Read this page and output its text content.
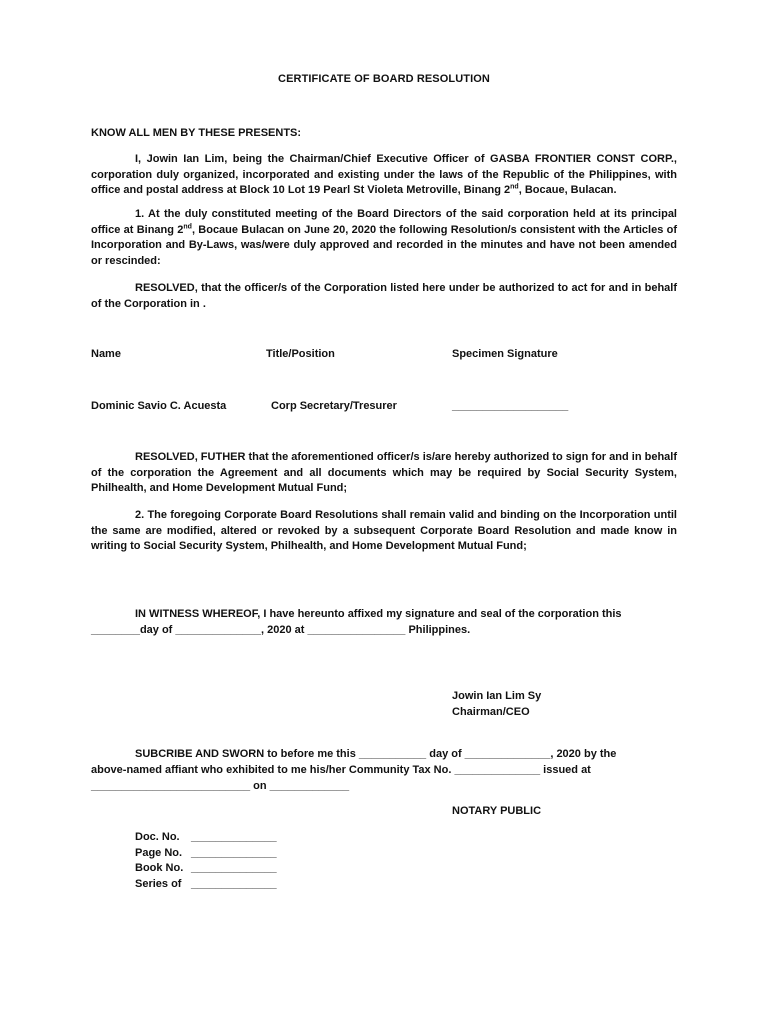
CERTIFICATE OF BOARD RESOLUTION
KNOW ALL MEN BY THESE PRESENTS:
I, Jowin Ian Lim, being the Chairman/Chief Executive Officer of GASBA FRONTIER CONST CORP., corporation duly organized, incorporated and existing under the laws of the Republic of the Philippines, with office and postal address at Block 10 Lot 19 Pearl St Violeta Metroville, Binang 2nd, Bocaue, Bulacan.
1. At the duly constituted meeting of the Board Directors of the said corporation held at its principal office at Binang 2nd, Bocaue Bulacan on June 20, 2020 the following Resolution/s consistent with the Articles of Incorporation and By-Laws, was/were duly approved and recorded in the minutes and have not been amended or rescinded:
RESOLVED, that the officer/s of the Corporation listed here under be authorized to act for and in behalf of the Corporation in .
Name	Title/Position	Specimen Signature
Dominic Savio C. Acuesta	Corp Secretary/Tresurer	___________________
RESOLVED, FUTHER that the aforementioned officer/s is/are hereby authorized to sign for and in behalf of the corporation the Agreement and all documents which may be required by Social Security System, Philhealth, and Home Development Mutual Fund;
2. The foregoing Corporate Board Resolutions shall remain valid and binding on the Incorporation until the same are modified, altered or revoked by a subsequent Corporate Board Resolution and made know in writing to Social Security System, Philhealth, and Home Development Mutual Fund;
IN WITNESS WHEREOF, I have hereunto affixed my signature and seal of the corporation this
________day of ______________, 2020 at ________________ Philippines.
Jowin Ian Lim Sy
Chairman/CEO
SUBCRIBE AND SWORN to before me this ___________ day of ______________, 2020 by the
above-named affiant who exhibited to me his/her Community Tax No. ______________ issued at
__________________________ on _____________
NOTARY PUBLIC
Doc. No. ______________
Page No. ______________
Book No. ______________
Series of ______________
